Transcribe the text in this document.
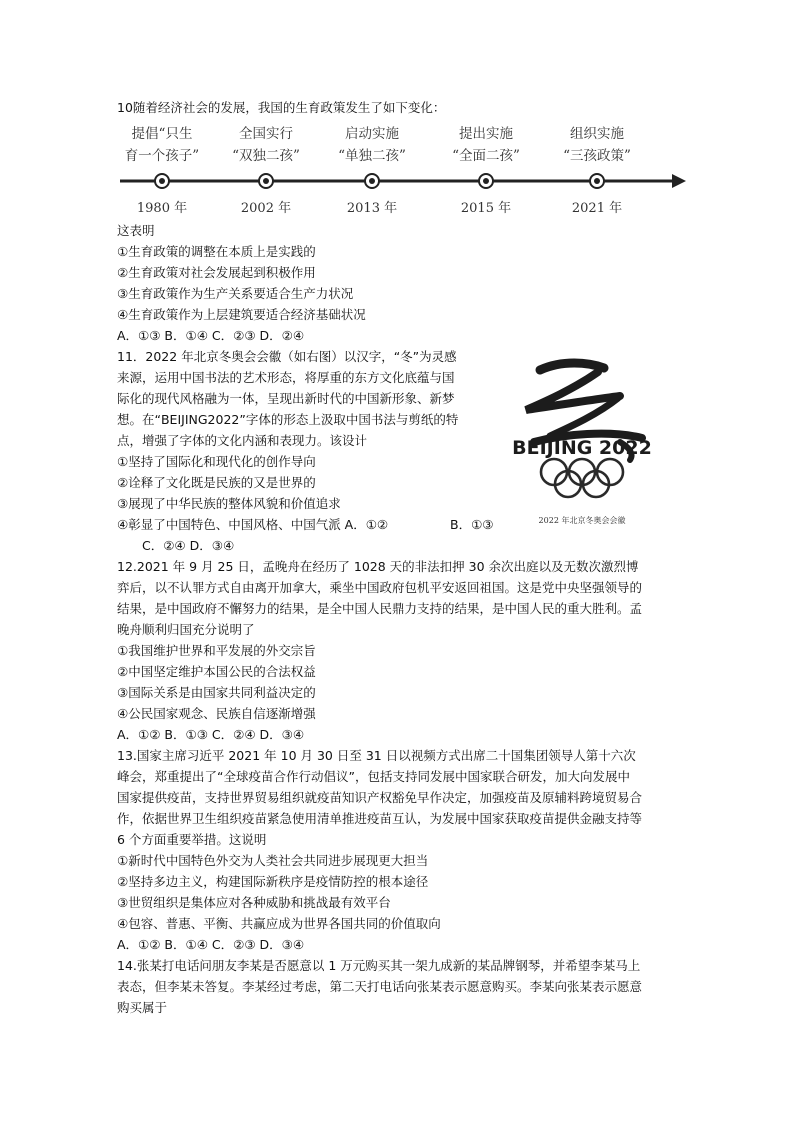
10随着经济社会的发展，我国的生育政策发生了如下变化：
提倡“只生
育一个孩子”
1980 年
全国实行
“双独二孩”
2002 年
启动实施
“单独二孩”
2013 年
提出实施
“全面二孩”
2015 年
组织实施
“三孩政策”
2021 年
这表明
①生育政策的调整在本质上是实践的
②生育政策对社会发展起到积极作用
③生育政策作为生产关系要适合生产力状况
④生育政策作为上层建筑要适合经济基础状况
A．①③ B．①④ C．②③ D．②④
11．2022 年北京冬奥会会徽（如右图）以汉字，“冬”为灵感
来源，运用中国书法的艺术形态，将厚重的东方文化底蕴与国
际化的现代风格融为一体，呈现出新时代的中国新形象、新梦
想。在“BEIJING2022”字体的形态上汲取中国书法与剪纸的特
点，增强了字体的文化内涵和表现力。该设计
①坚持了国际化和现代化的创作导向
②诠释了文化既是民族的又是世界的
③展现了中华民族的整体风貌和价值追求
④彰显了中国特色、中国风格、中国气派 A．①②	B．①③
C．②④ D．③④
BEIJING 2022
2022 年北京冬奥会会徽
12.2021 年 9 月 25 日，孟晚舟在经历了 1028 天的非法扣押 30 余次出庭以及无数次激烈博
弈后，以不认罪方式自由离开加拿大，乘坐中国政府包机平安返回祖国。这是党中央坚强领导的
结果，是中国政府不懈努力的结果，是全中国人民鼎力支持的结果，是中国人民的重大胜利。孟
晚舟顺利归国充分说明了
①我国维护世界和平发展的外交宗旨
②中国坚定维护本国公民的合法权益
③国际关系是由国家共同利益决定的
④公民国家观念、民族自信逐渐增强
A．①② B．①③ C．②④ D．③④
13.国家主席习近平 2021 年 10 月 30 日至 31 日以视频方式出席二十国集团领导人第十六次
峰会，郑重提出了“全球疫苗合作行动倡议”，包括支持同发展中国家联合研发，加大向发展中
国家提供疫苗，支持世界贸易组织就疫苗知识产权豁免早作决定，加强疫苗及原辅料跨境贸易合
作，依据世界卫生组织疫苗紧急使用清单推进疫苗互认，为发展中国家获取疫苗提供金融支持等
6 个方面重要举措。这说明
①新时代中国特色外交为人类社会共同进步展现更大担当
②坚持多边主义，构建国际新秩序是疫情防控的根本途径
③世贸组织是集体应对各种威胁和挑战最有效平台
④包容、普惠、平衡、共赢应成为世界各国共同的价值取向
A．①② B．①④ C．②③ D．③④
14.张某打电话问朋友李某是否愿意以 1 万元购买其一架九成新的某品牌钢琴，并希望李某马上
表态，但李某未答复。李某经过考虑，第二天打电话向张某表示愿意购买。李某向张某表示愿意
购买属于
